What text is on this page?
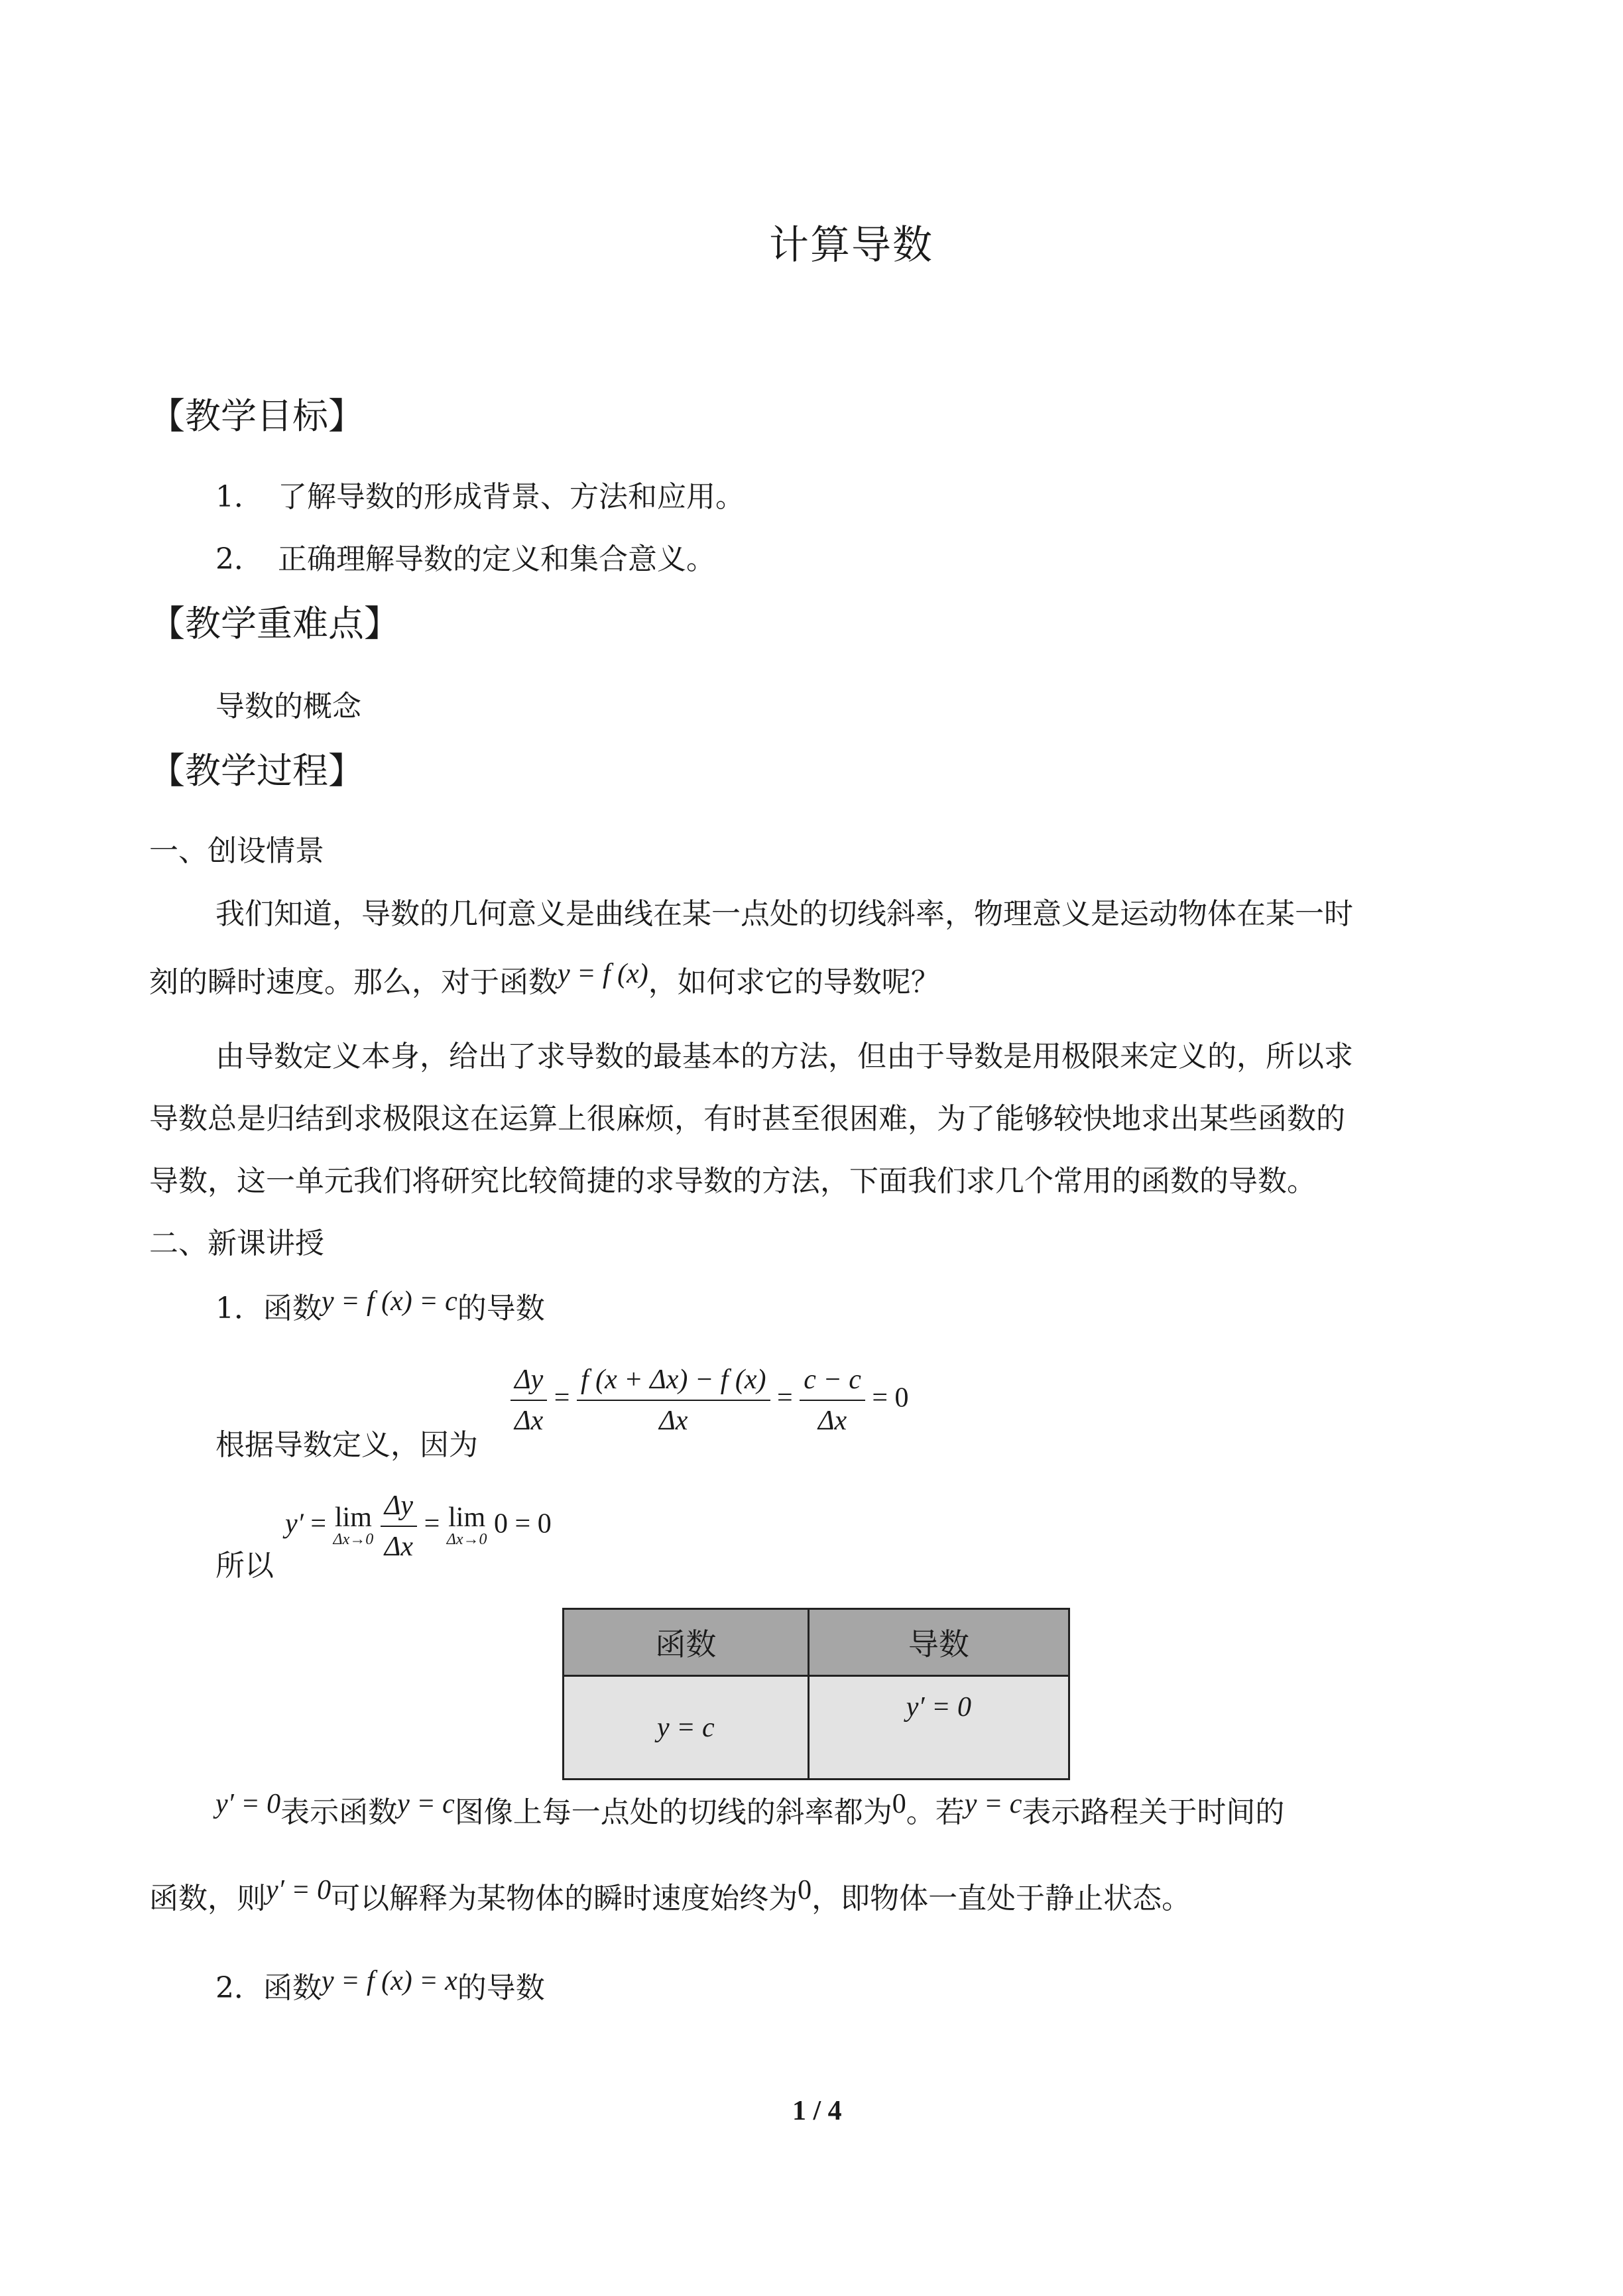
计算导数
【教学目标】
1．　了解导数的形成背景、方法和应用。
2．　正确理解导数的定义和集合意义。
【教学重难点】
导数的概念
【教学过程】
一、创设情景
我们知道，导数的几何意义是曲线在某一点处的切线斜率，物理意义是运动物体在某一时
刻的瞬时速度。那么，对于函数y = f (x)，如何求它的导数呢？
由导数定义本身，给出了求导数的最基本的方法，但由于导数是用极限来定义的，所以求
导数总是归结到求极限这在运算上很麻烦，有时甚至很困难，为了能够较快地求出某些函数的
导数，这一单元我们将研究比较简捷的求导数的方法，下面我们求几个常用的函数的导数。
二、新课讲授
1．函数y = f (x) = c的导数
根据导数定义，因为
$\frac{\Delta y}{\Delta x} = \frac{f (x + \Delta x) - f (x)}{\Delta x} = \frac{c - c}{\Delta x} = 0$
所以
y′ = lim
Δx→0
$\frac{\Delta y}{\Delta x} = \lim$
Δx→0
0 = 0
函数	导数
y = c	y′ = 0
y′ = 0表示函数y = c图像上每一点处的切线的斜率都为0。若y = c表示路程关于时间的
函数，则y′ = 0可以解释为某物体的瞬时速度始终为0，即物体一直处于静止状态。
2．函数y = f (x) = x的导数
1 / 4
